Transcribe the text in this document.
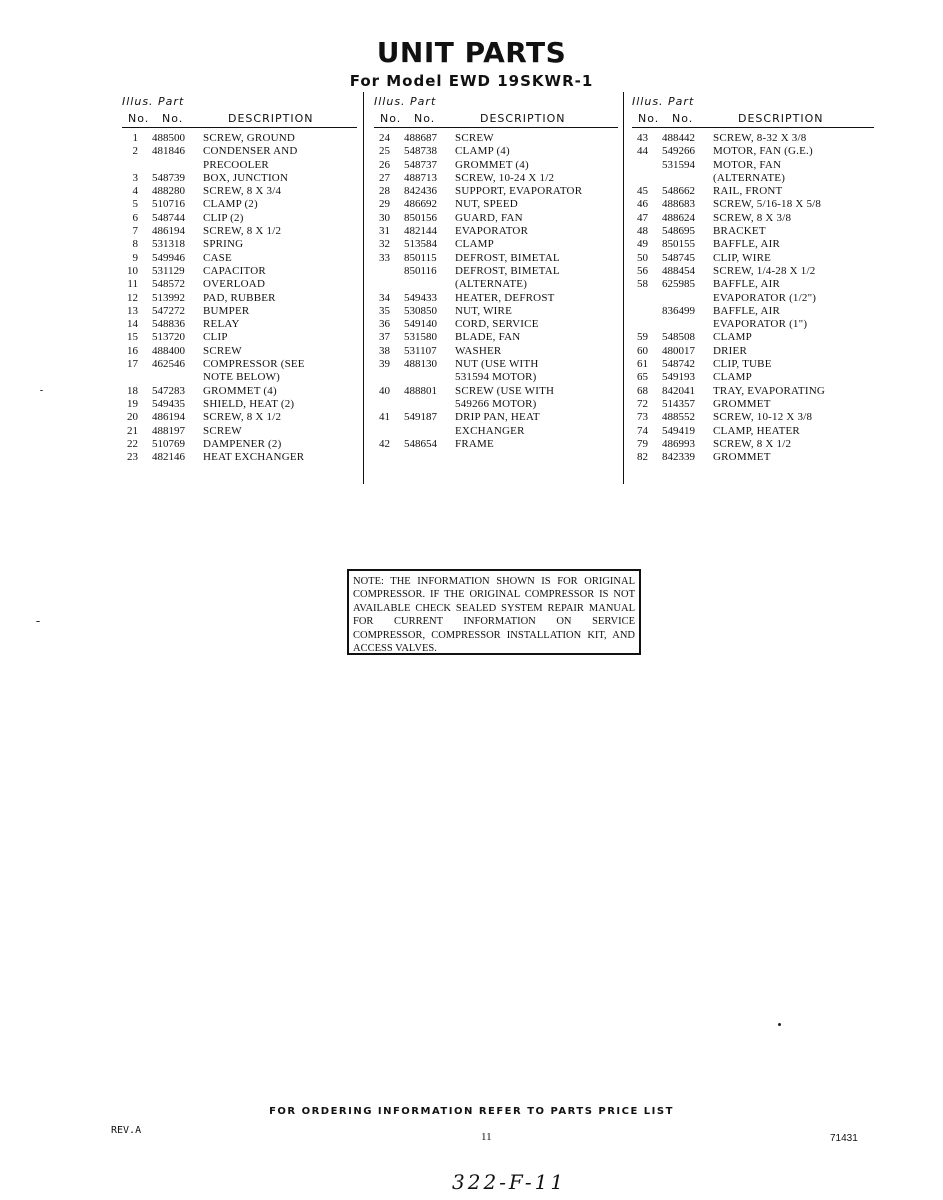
UNIT PARTS
For Model EWD 19SKWR-1
Illus. Part
No. No.	DESCRIPTION
1 488500 SCREW, GROUND
2 481846 CONDENSER AND
PRECOOLER
3 548739 BOX, JUNCTION
4 488280 SCREW, 8 X 3/4
5 510716 CLAMP (2)
6 548744 CLIP (2)
7 486194 SCREW, 8 X 1/2
8 531318 SPRING
9 549946 CASE
10 531129 CAPACITOR
11 548572 OVERLOAD
12 513992 PAD, RUBBER
13 547272 BUMPER
14 548836 RELAY
15 513720 CLIP
16 488400 SCREW
17 462546 COMPRESSOR (SEE
NOTE BELOW)
18 547283 GROMMET (4)
19 549435 SHIELD, HEAT (2)
20 486194 SCREW, 8 X 1/2
21 488197 SCREW
22 510769 DAMPENER (2)
23 482146 HEAT EXCHANGER
Illus. Part
No. No.	DESCRIPTION
24 488687 SCREW
25 548738 CLAMP (4)
26 548737 GROMMET (4)
27 488713 SCREW, 10-24 X 1/2
28 842436 SUPPORT, EVAPORATOR
29 486692 NUT, SPEED
30 850156 GUARD, FAN
31 482144 EVAPORATOR
32 513584 CLAMP
33 850115 DEFROST, BIMETAL
850116 DEFROST, BIMETAL
(ALTERNATE)
34 549433 HEATER, DEFROST
35 530850 NUT, WIRE
36 549140 CORD, SERVICE
37 531580 BLADE, FAN
38 531107 WASHER
39 488130 NUT (USE WITH
531594 MOTOR)
40 488801 SCREW (USE WITH
549266 MOTOR)
41 549187 DRIP PAN, HEAT
EXCHANGER
42 548654 FRAME
Illus. Part
No. No.	DESCRIPTION
43 488442 SCREW, 8-32 X 3/8
44 549266 MOTOR, FAN (G.E.)
531594 MOTOR, FAN
(ALTERNATE)
45 548662 RAIL, FRONT
46 488683 SCREW, 5/16-18 X 5/8
47 488624 SCREW, 8 X 3/8
48 548695 BRACKET
49 850155 BAFFLE, AIR
50 548745 CLIP, WIRE
56 488454 SCREW, 1/4-28 X 1/2
58 625985 BAFFLE, AIR
EVAPORATOR (1/2")
836499 BAFFLE, AIR
EVAPORATOR (1")
59 548508 CLAMP
60 480017 DRIER
61 548742 CLIP, TUBE
65 549193 CLAMP
68 842041 TRAY, EVAPORATING
72 514357 GROMMET
73 488552 SCREW, 10-12 X 3/8
74 549419 CLAMP, HEATER
79 486993 SCREW, 8 X 1/2
82 842339 GROMMET
NOTE: THE INFORMATION SHOWN IS FOR ORIGINAL COMPRESSOR. IF THE ORIGINAL COMPRESSOR IS NOT AVAILABLE CHECK SEALED SYSTEM REPAIR MANUAL FOR CURRENT INFORMATION ON SERVICE COMPRESSOR, COMPRESSOR INSTALLATION KIT, AND ACCESS VALVES.
FOR ORDERING INFORMATION REFER TO PARTS PRICE LIST
REV.A
11	71431
322-F-11
